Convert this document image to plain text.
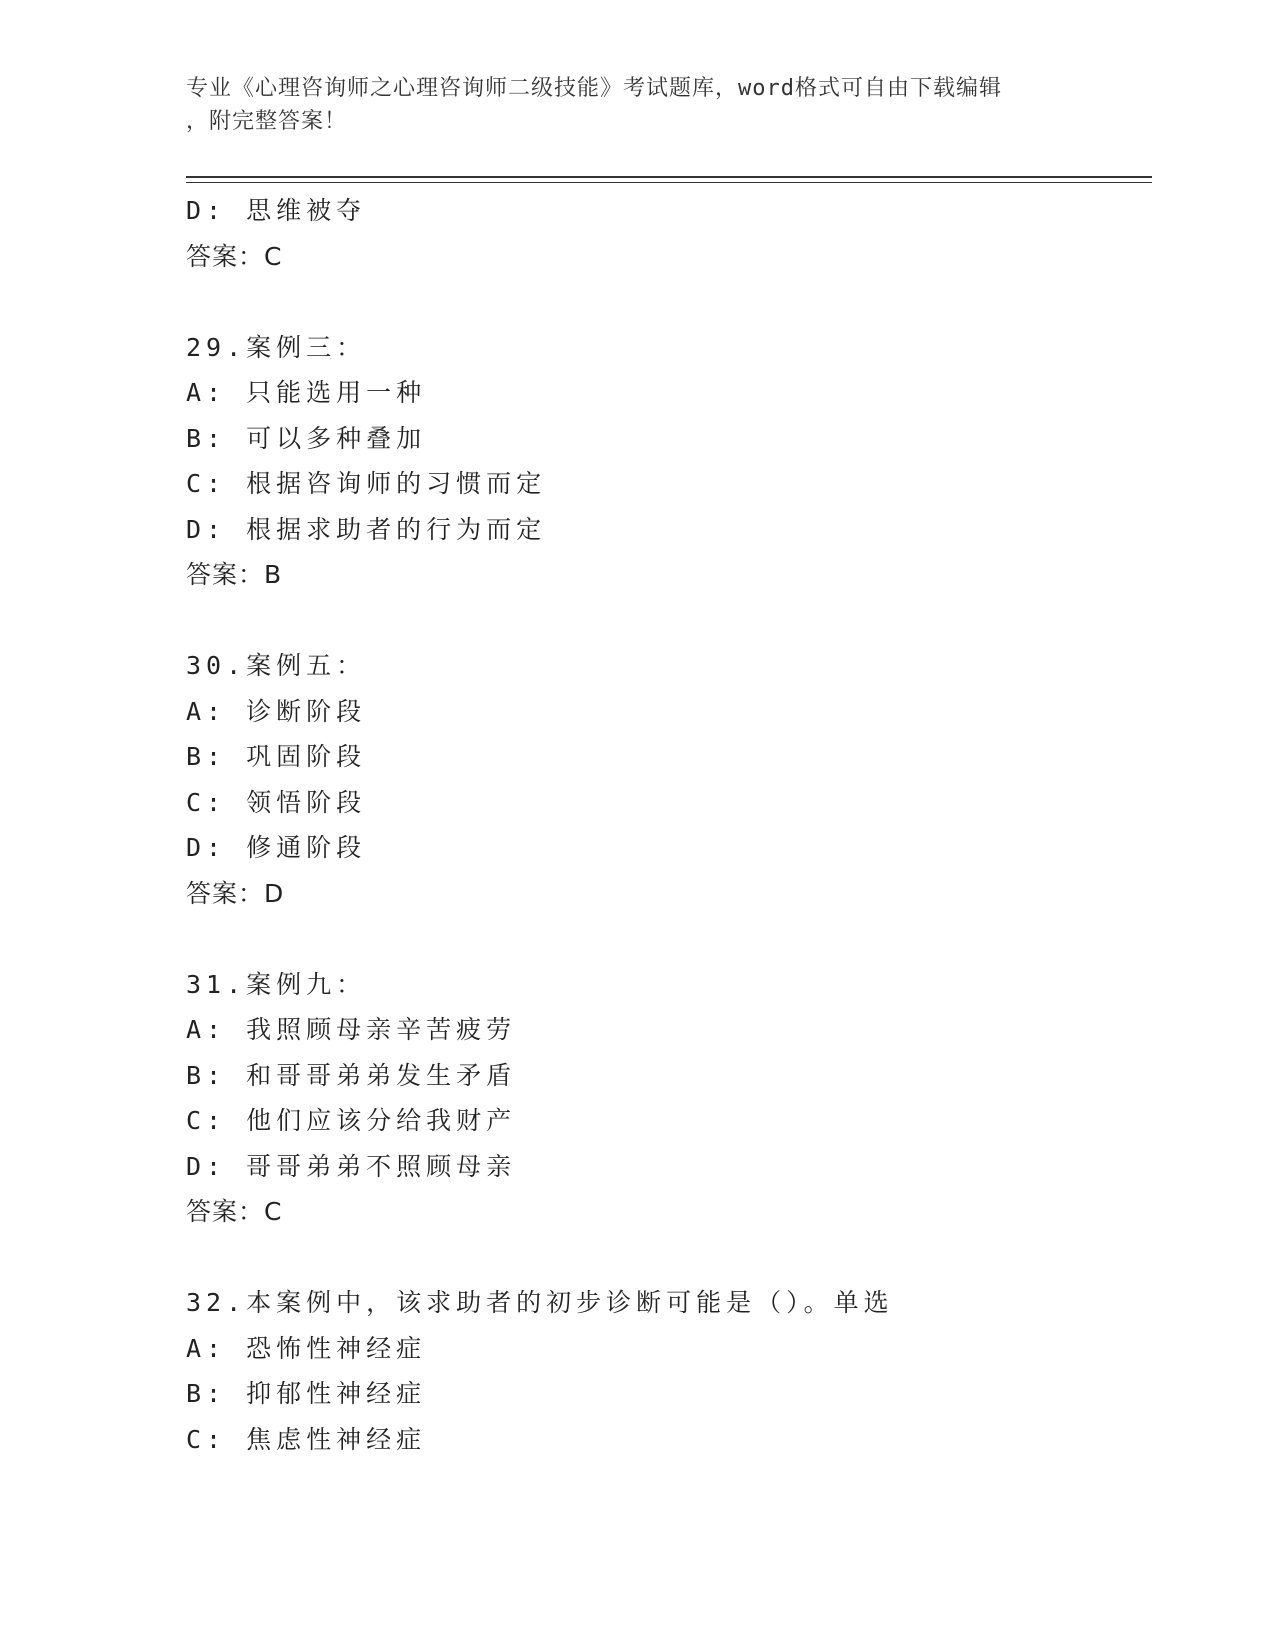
专业《心理咨询师之心理咨询师二级技能》考试题库，word格式可自由下载编辑
，附完整答案！
D: 思维被夺
答案：C
29.案例三：
A: 只能选用一种
B: 可以多种叠加
C: 根据咨询师的习惯而定
D: 根据求助者的行为而定
答案：B
30.案例五：
A: 诊断阶段
B: 巩固阶段
C: 领悟阶段
D: 修通阶段
答案：D
31.案例九：
A: 我照顾母亲辛苦疲劳
B: 和哥哥弟弟发生矛盾
C: 他们应该分给我财产
D: 哥哥弟弟不照顾母亲
答案：C
32.本案例中，该求助者的初步诊断可能是（）。单选
A: 恐怖性神经症
B: 抑郁性神经症
C: 焦虑性神经症
